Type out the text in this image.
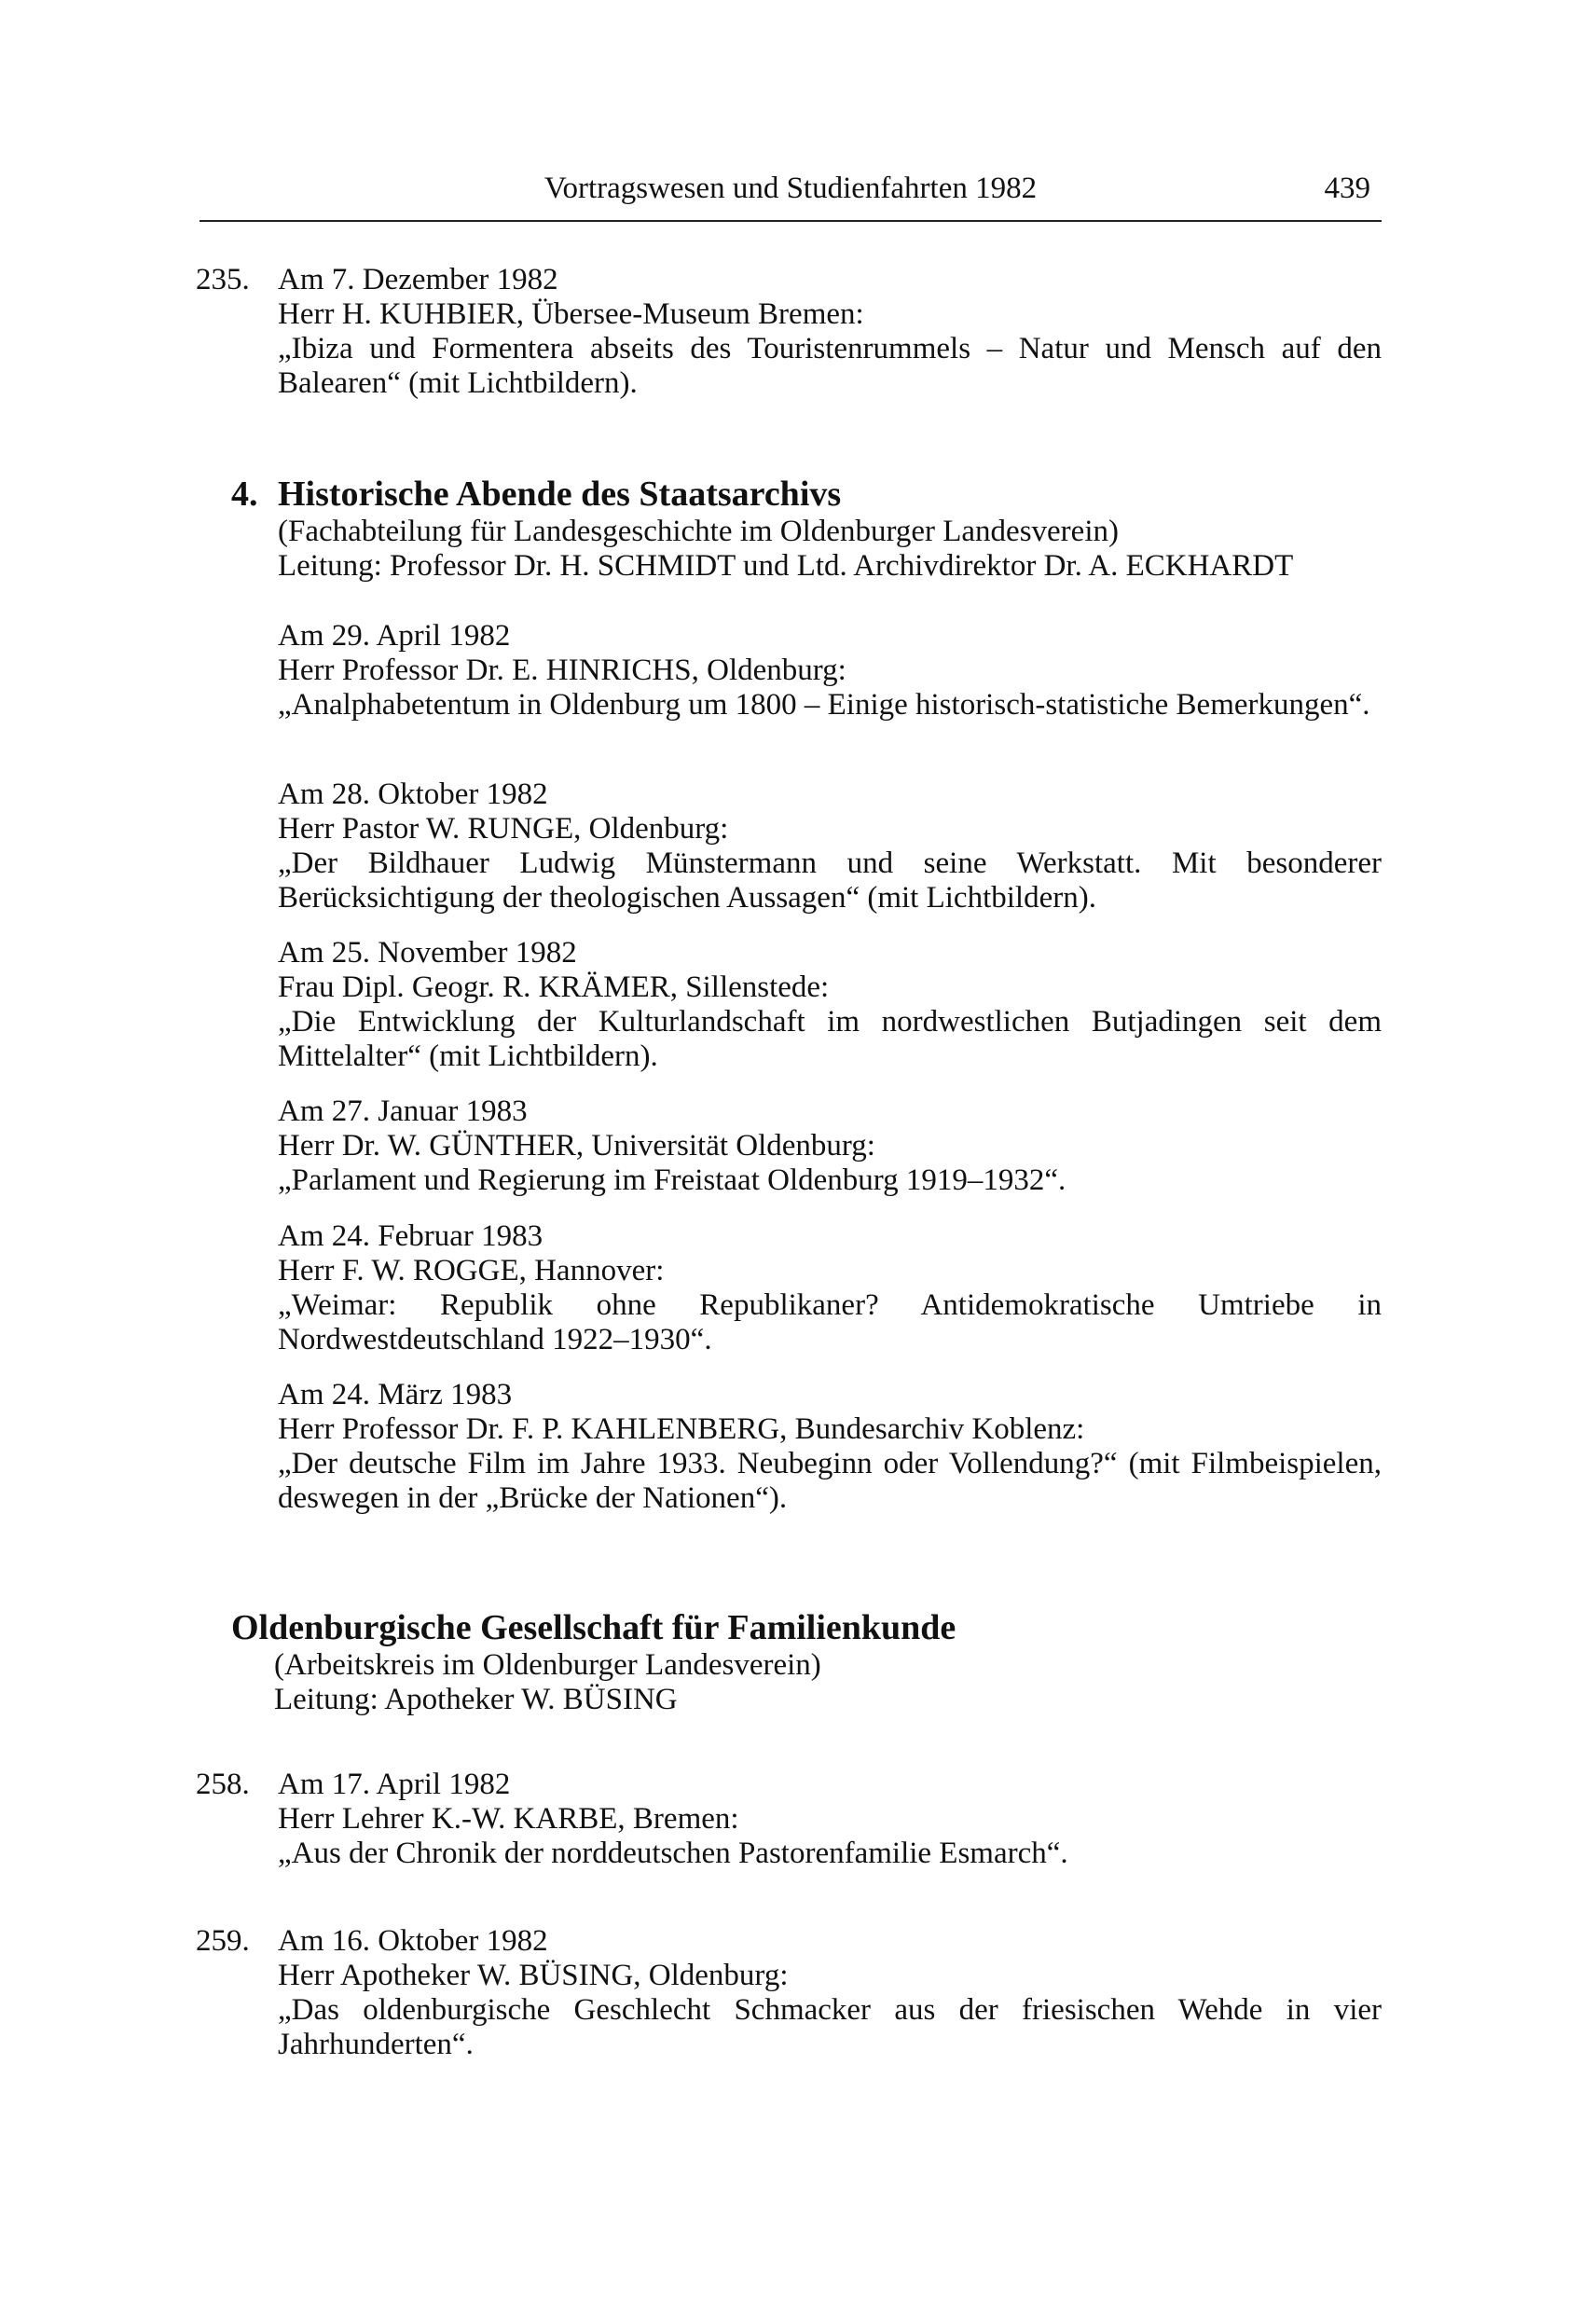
Vortragswesen und Studienfahrten 1982	439
235. Am 7. Dezember 1982

Herr H. KUHBIER, Übersee-Museum Bremen:

„Ibiza und Formentera abseits des Touristenrummels – Natur und Mensch auf den Balearen“ (mit Lichtbildern).

4. Historische Abende des Staatsarchivs

(Fachabteilung für Landesgeschichte im Oldenburger Landesverein)

Leitung: Professor Dr. H. SCHMIDT und Ltd. Archivdirektor Dr. A. ECKHARDT

Am 29. April 1982

Herr Professor Dr. E. HINRICHS, Oldenburg:

„Analphabetentum in Oldenburg um 1800 – Einige historisch-statistiche Bemerkungen“.

Am 28. Oktober 1982

Herr Pastor W. RUNGE, Oldenburg:

„Der Bildhauer Ludwig Münstermann und seine Werkstatt. Mit besonderer Berücksichtigung der theologischen Aussagen“ (mit Lichtbildern).

Am 25. November 1982

Frau Dipl. Geogr. R. KRÄMER, Sillenstede:

„Die Entwicklung der Kulturlandschaft im nordwestlichen Butjadingen seit dem Mittelalter“ (mit Lichtbildern).

Am 27. Januar 1983

Herr Dr. W. GÜNTHER, Universität Oldenburg:

„Parlament und Regierung im Freistaat Oldenburg 1919–1932“.

Am 24. Februar 1983

Herr F. W. ROGGE, Hannover:

„Weimar: Republik ohne Republikaner? Antidemokratische Umtriebe in Nordwestdeutschland 1922–1930“.

Am 24. März 1983

Herr Professor Dr. F. P. KAHLENBERG, Bundesarchiv Koblenz:

„Der deutsche Film im Jahre 1933. Neubeginn oder Vollendung?“ (mit Filmbeispielen, deswegen in der „Brücke der Nationen“).

Oldenburgische Gesellschaft für Familienkunde

(Arbeitskreis im Oldenburger Landesverein)

Leitung: Apotheker W. BÜSING

258. Am 17. April 1982

Herr Lehrer K.-W. KARBE, Bremen:

„Aus der Chronik der norddeutschen Pastorenfamilie Esmarch“.

259. Am 16. Oktober 1982

Herr Apotheker W. BÜSING, Oldenburg:

„Das oldenburgische Geschlecht Schmacker aus der friesischen Wehde in vier Jahrhunderten“.
